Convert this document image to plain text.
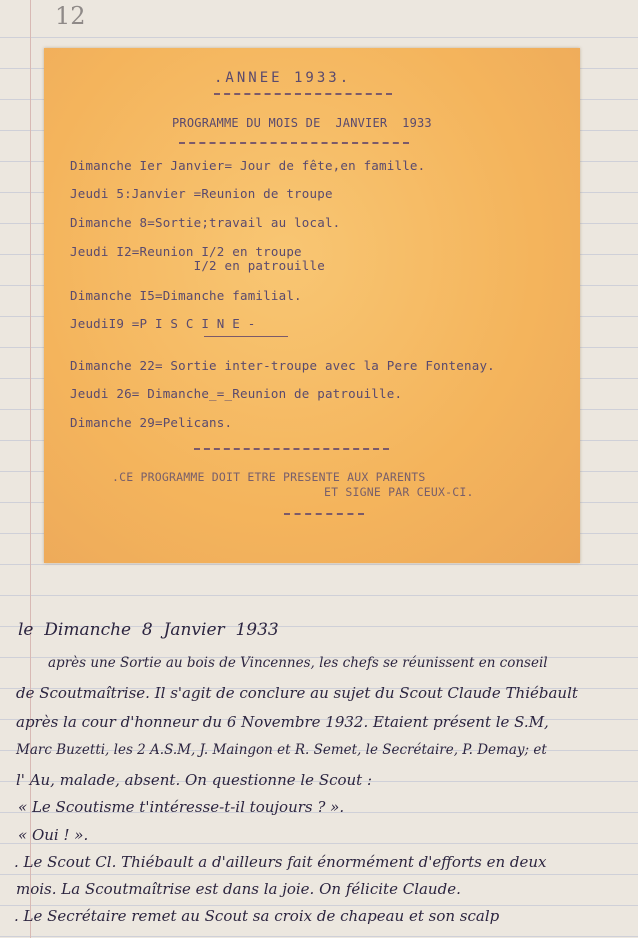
12
.ANNEE 1933.
PROGRAMME DU MOIS DE  JANVIER  1933
Dimanche Ier Janvier= Jour de fête,en famille.
Jeudi 5:Janvier =Reunion de troupe
Dimanche 8=Sortie;travail au local.
Jeudi I2=Reunion I/2 en troupe
I/2 en patrouille
Dimanche I5=Dimanche familial.
JeudiI9 =P I S C I N E -
Dimanche 22= Sortie inter-troupe avec la Pere Fontenay.
Jeudi 26= Dimanche_=_Reunion de patrouille.
Dimanche 29=Pelicans.
.CE PROGRAMME DOIT ETRE PRESENTE AUX PARENTS
ET SIGNE PAR CEUX-CI.

le  Dimanche  8  Janvier  1933

après une Sortie au bois de Vincennes, les chefs se réunissent en conseil

de Scoutmaîtrise. Il s'agit de conclure au sujet du Scout Claude Thiébault

après la cour d'honneur du 6 Novembre 1932. Etaient présent le S.M,

Marc Buzetti, les 2 A.S.M, J. Maingon et R. Semet, le Secrétaire, P. Demay; et

l' Au, malade, absent. On questionne le Scout :

« Le Scoutisme t'intéresse-t-il toujours ? ».

« Oui ! ».

. Le Scout Cl. Thiébault a d'ailleurs fait énormément d'efforts en deux

mois. La Scoutmaîtrise est dans la joie. On félicite Claude.

. Le Secrétaire remet au Scout sa croix de chapeau et son scalp
